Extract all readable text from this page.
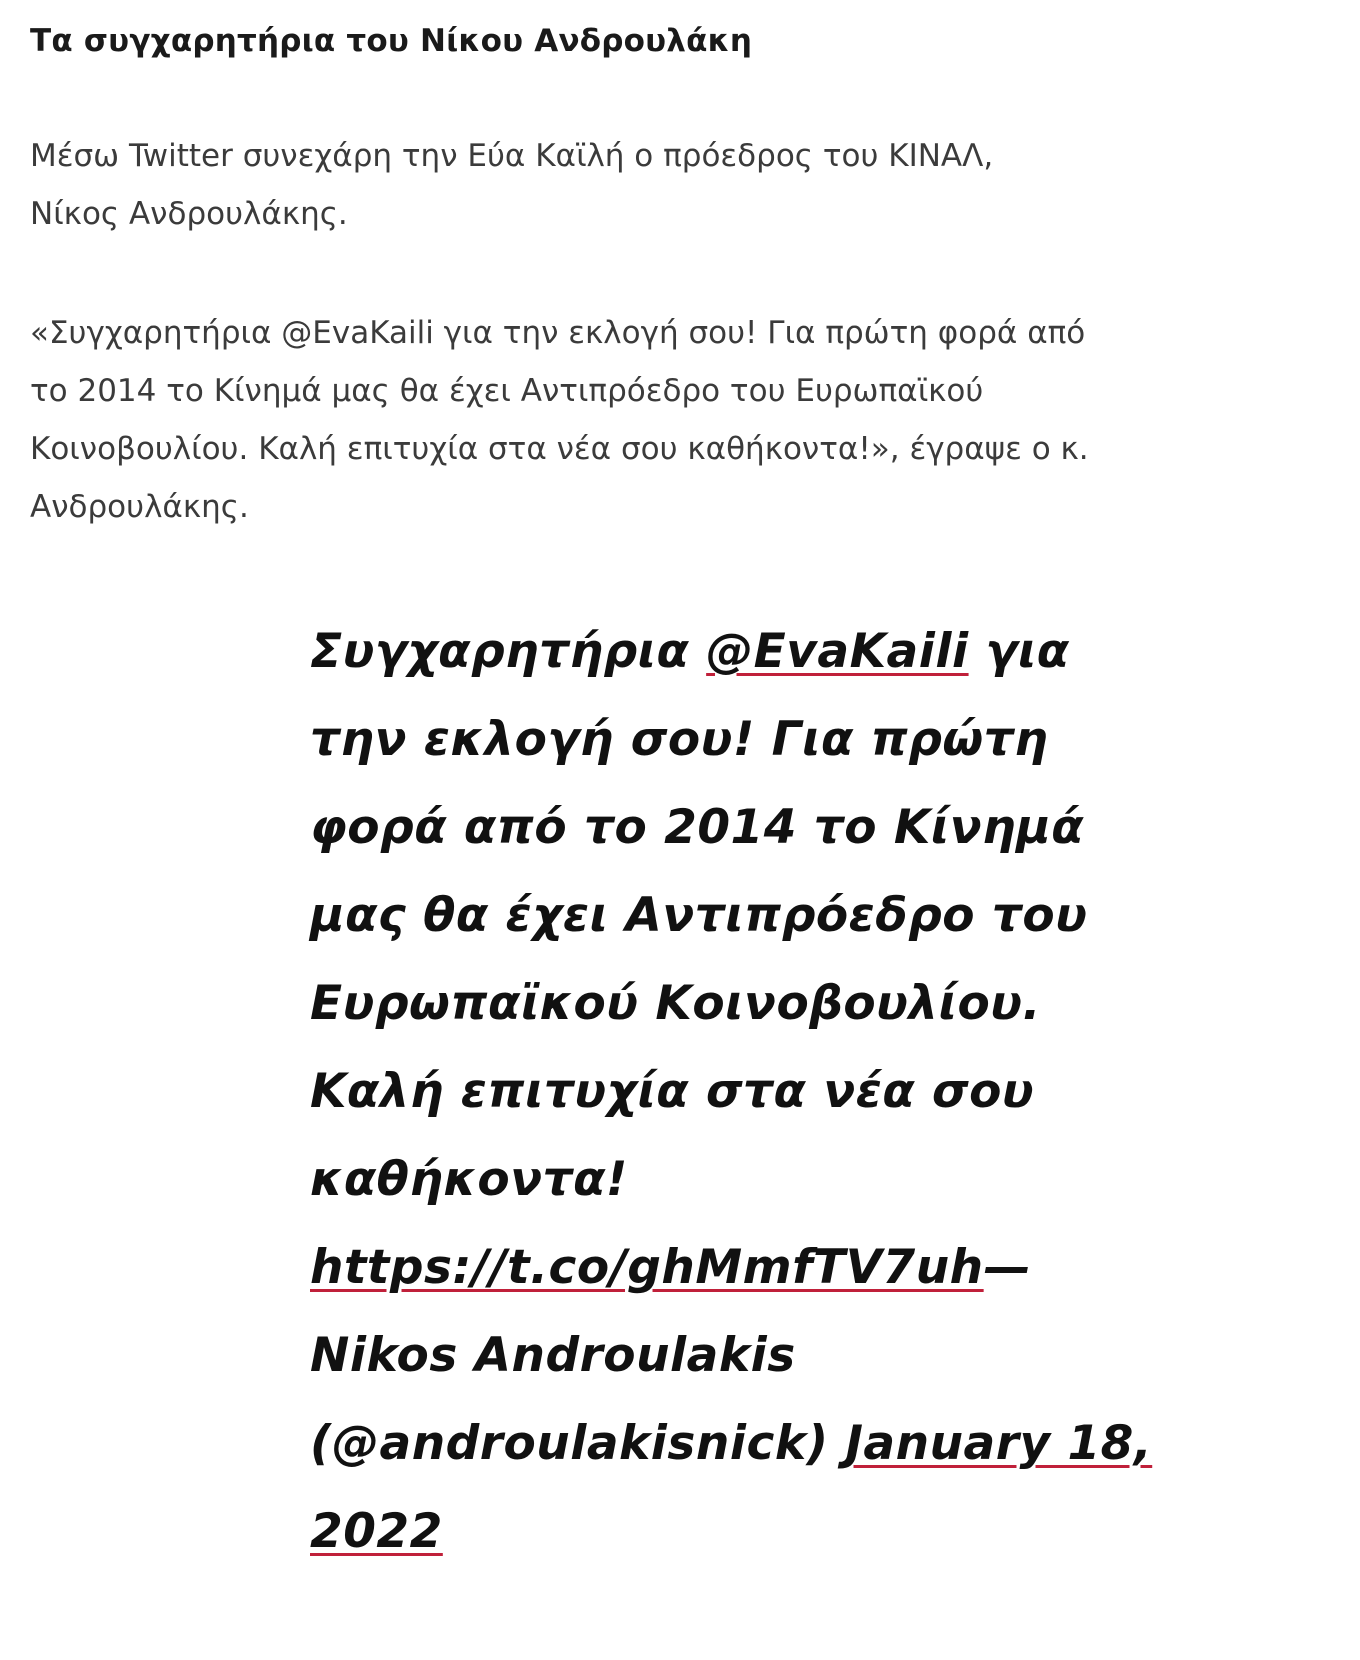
Τα συγχαρητήρια του Νίκου Ανδρουλάκη

Μέσω Twitter συνεχάρη την Εύα Καϊλή ο πρόεδρος του ΚΙΝΑΛ,
Νίκος Ανδρουλάκης.

«Συγχαρητήρια @EvaKaili για την εκλογή σου! Για πρώτη φορά από
το 2014 το Κίνημά μας θα έχει Αντιπρόεδρο του Ευρωπαϊκού
Κοινοβουλίου. Καλή επιτυχία στα νέα σου καθήκοντα!», έγραψε ο κ.
Ανδρουλάκης.

Συγχαρητήρια @EvaKaili για
την εκλογή σου! Για πρώτη
φορά από το 2014 το Κίνημά
μας θα έχει Αντιπρόεδρο του
Ευρωπαϊκού Κοινοβουλίου.
Καλή επιτυχία στα νέα σου
καθήκοντα!
https://t.co/ghMmfTV7uh—
Nikos Androulakis
(@androulakisnick) January 18,
2022
